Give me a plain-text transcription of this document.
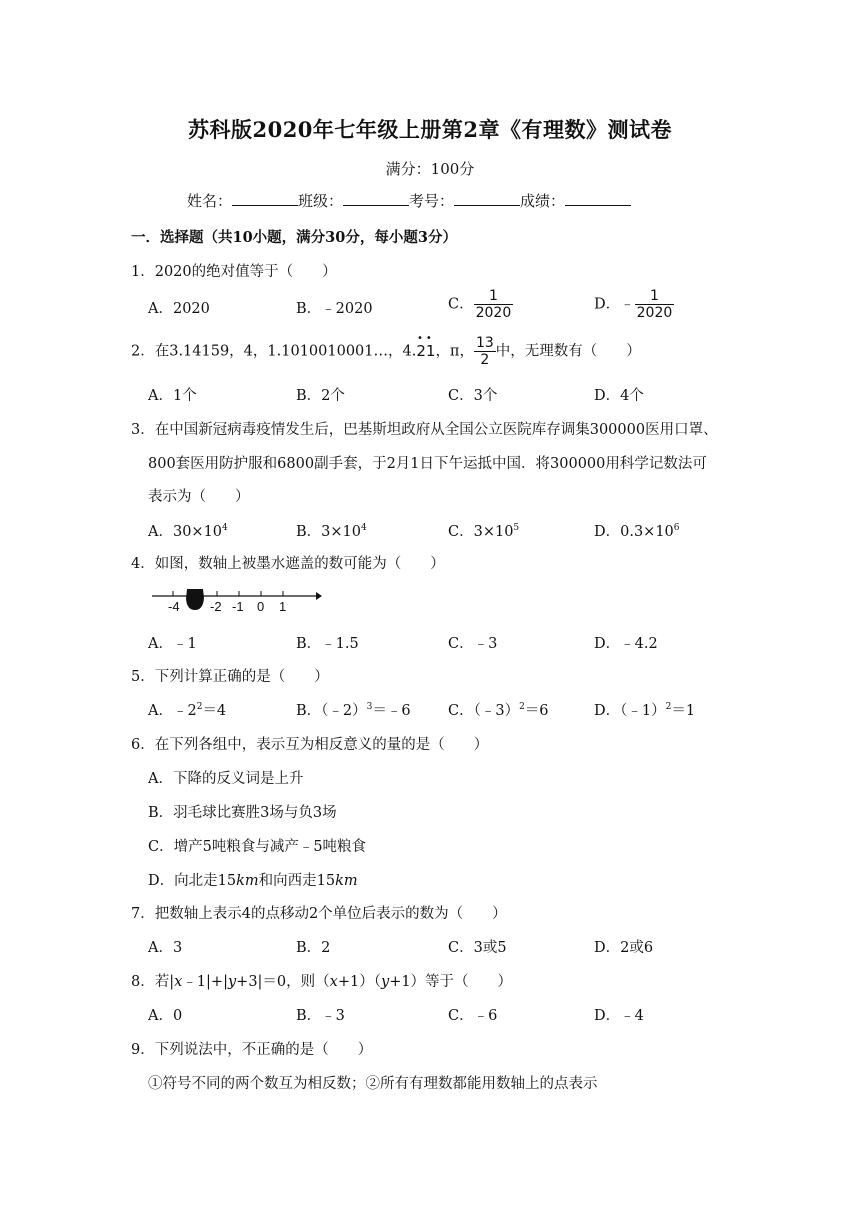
苏科版2020年七年级上册第2章《有理数》测试卷
满分：100分
姓名：	班级：	考号：	成绩：
一．选择题（共10小题，满分30分，每小题3分）
1．2020的绝对值等于（　　）
A．2020	B．﹣2020	C． $\frac{1}{2020}$	D．﹣ $\frac{1}{2020}$
2．在3.14159，4，1.1010010001…，4.
••
21，π， $\frac{13}{2}$ 中，无理数有（　　）
A．1个	B．2个	C．3个	D．4个
3．在中国新冠病毒疫情发生后，巴基斯坦政府从全国公立医院库存调集300000医用口罩、
800套医用防护服和6800副手套，于2月1日下午运抵中国．将300000用科学记数法可
表示为（　　）
A．$30\times 10^4$	B．$3\times 10^4$	C．$3\times 10^5$	D．$0.3\times 10^6$
4．如图，数轴上被墨水遮盖的数可能为（　　）
-4 -2 -1 0 1
A．﹣1	B．﹣1.5	C．﹣3	D．﹣4.2
5．下列计算正确的是（　　）
A．$﹣2^2=4$	B．（﹣2）$^3$＝﹣6	C．（﹣3）$^2$＝6	D．（﹣1）$^2$＝1
6．在下列各组中，表示互为相反意义的量的是（　　）
A．下降的反义词是上升
B．羽毛球比赛胜3场与负3场
C．增产5吨粮食与减产﹣5吨粮食
D．向北走15km和向西走15km
7．把数轴上表示4的点移动2个单位后表示的数为（　　）
A．3	B．2	C．3或5	D．2或6
8．若|x﹣1|+|y+3|＝0，则（x+1）（y+1）等于（　　）
A．0	B．﹣3	C．﹣6	D．﹣4
9．下列说法中，不正确的是（　　）
①符号不同的两个数互为相反数；②所有有理数都能用数轴上的点表示
